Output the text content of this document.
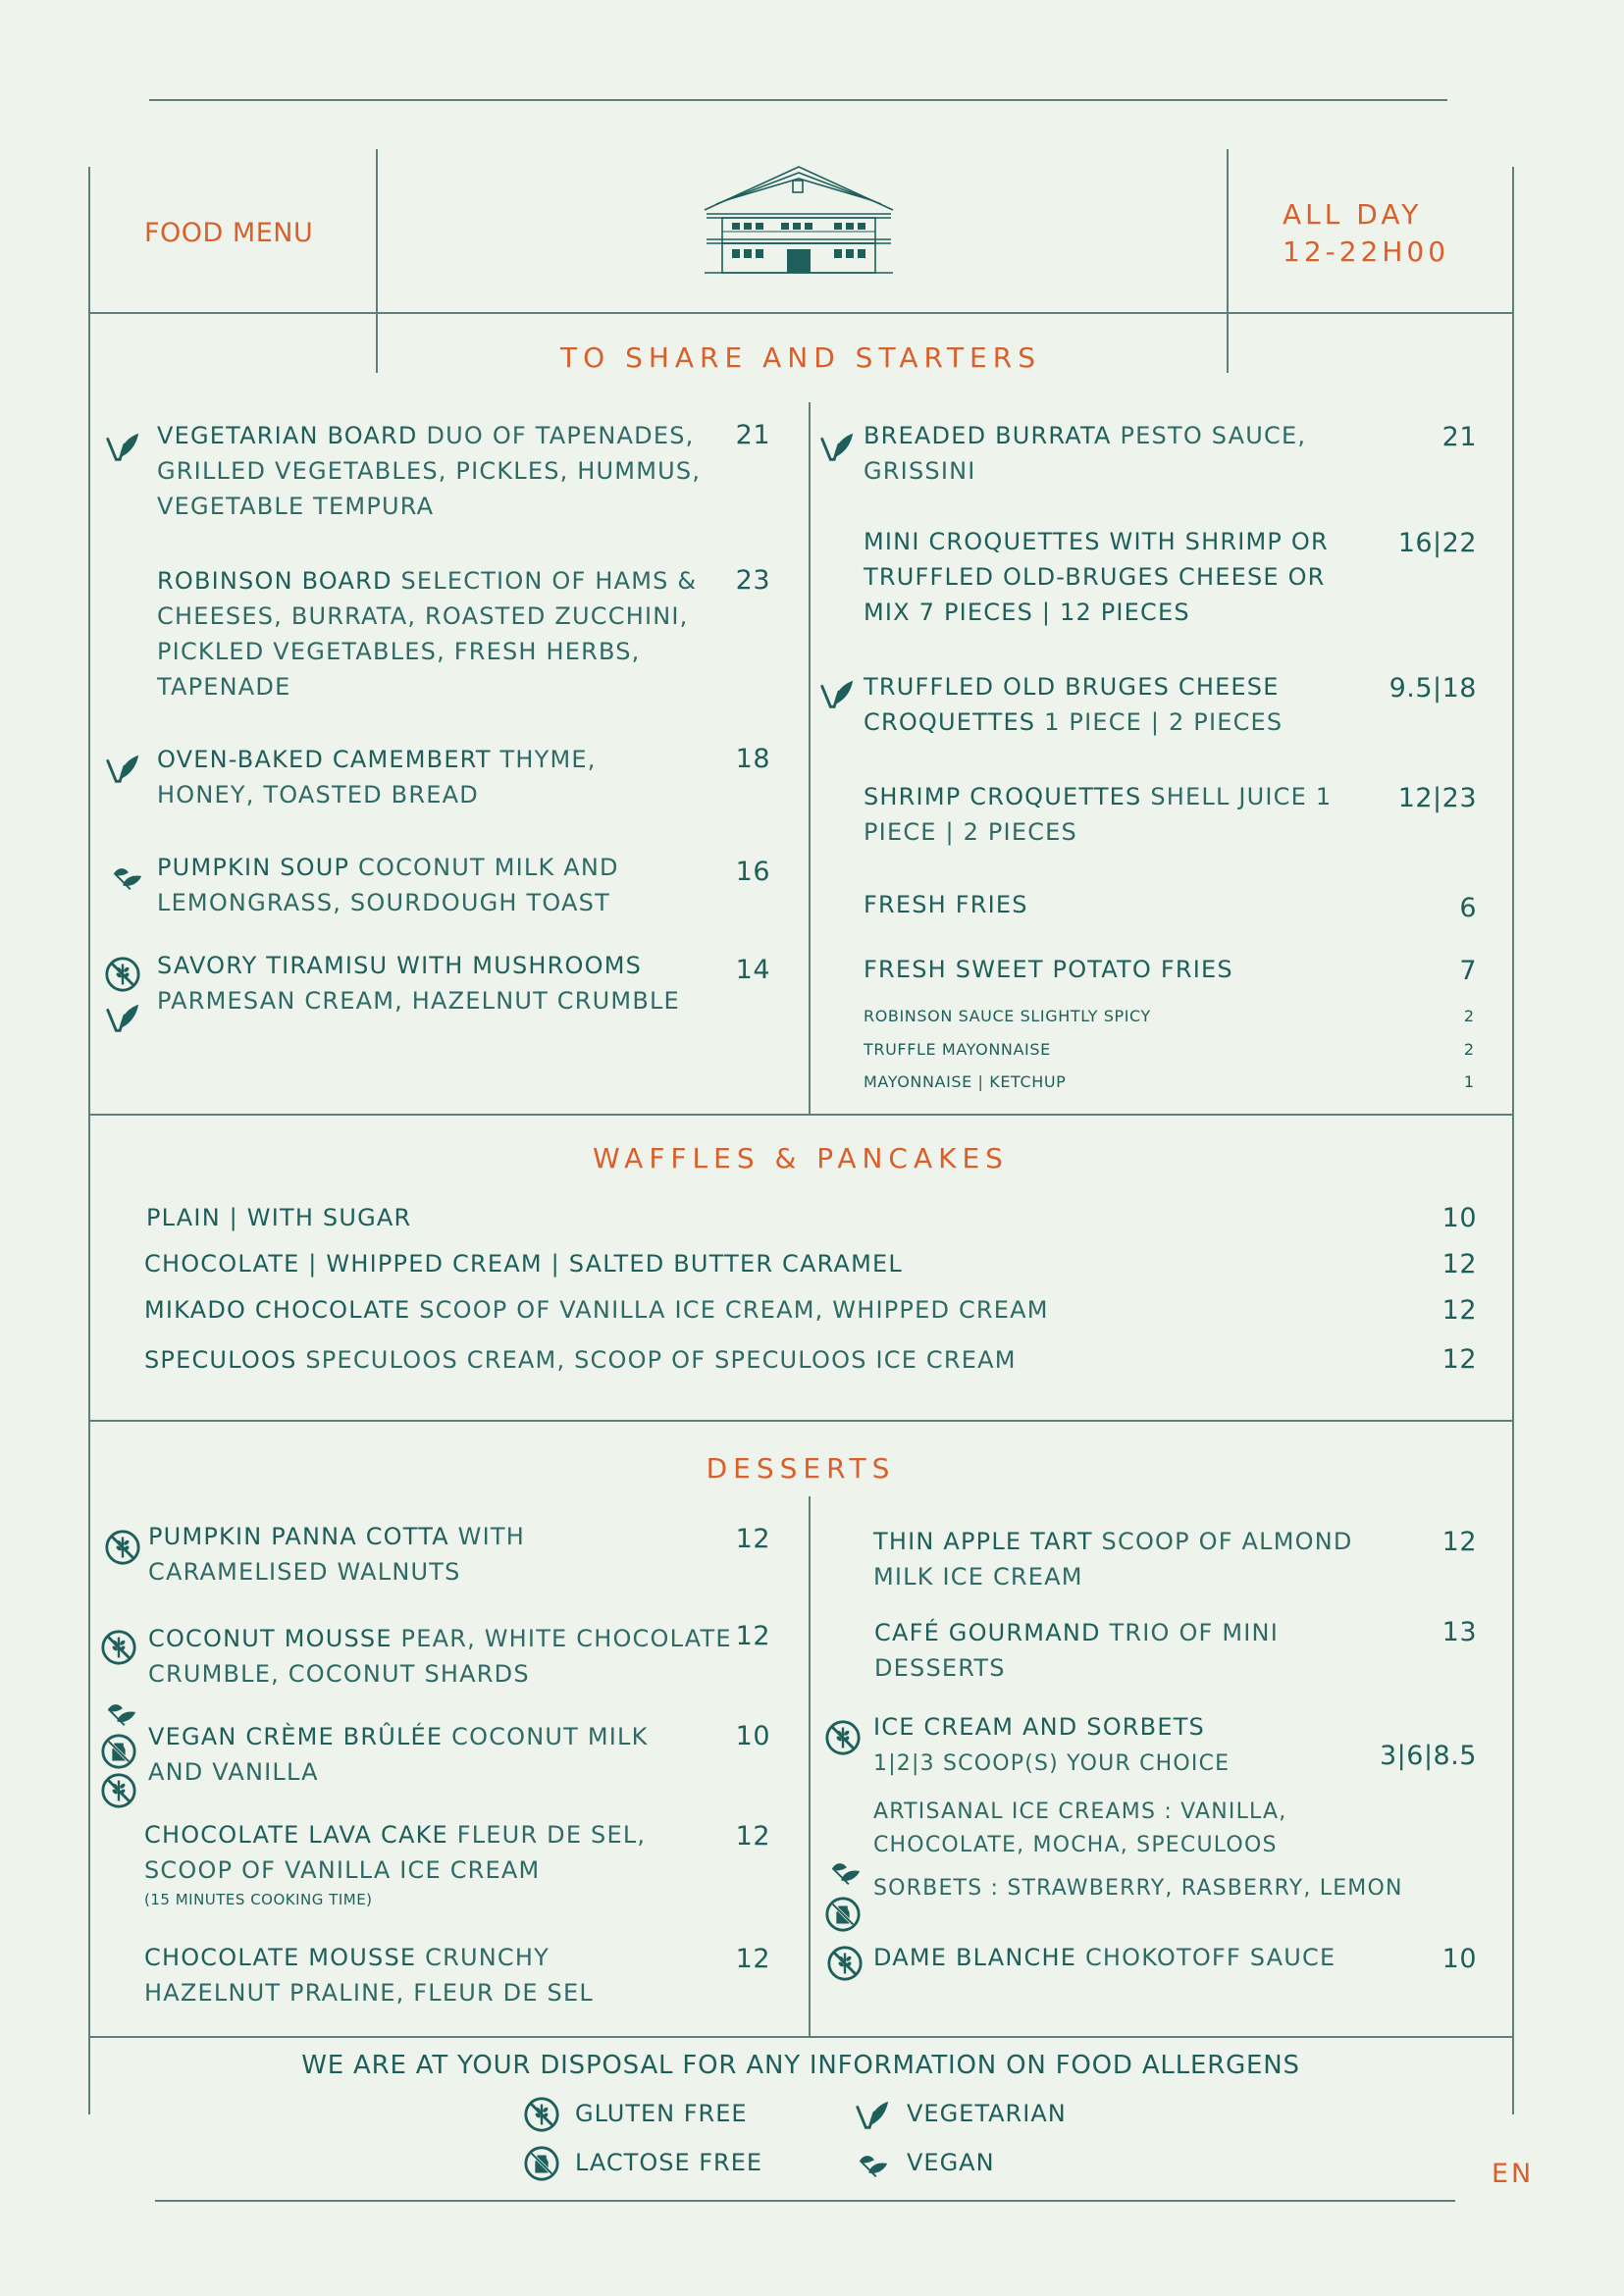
FOOD MENU
ALL DAY
12-22H00
TO SHARE AND STARTERS
VEGETARIAN BOARD DUO OF TAPENADES, GRILLED VEGETABLES, PICKLES, HUMMUS, VEGETABLE TEMPURA
21
ROBINSON BOARD SELECTION OF HAMS & CHEESES, BURRATA, ROASTED ZUCCHINI, PICKLED VEGETABLES, FRESH HERBS, TAPENADE
23
OVEN-BAKED CAMEMBERT THYME, HONEY, TOASTED BREAD
18
PUMPKIN SOUP COCONUT MILK AND LEMONGRASS, SOURDOUGH TOAST
16
SAVORY TIRAMISU WITH MUSHROOMS
PARMESAN CREAM, HAZELNUT CRUMBLE
14
BREADED BURRATA PESTO SAUCE, GRISSINI
21
MINI CROQUETTES WITH SHRIMP OR TRUFFLED OLD-BRUGES CHEESE OR MIX 7 PIECES | 12 PIECES
16|22
TRUFFLED OLD BRUGES CHEESE CROQUETTES 1 PIECE | 2 PIECES
9.5|18
SHRIMP CROQUETTES SHELL JUICE 1 PIECE | 2 PIECES
12|23
FRESH FRIES	6
FRESH SWEET POTATO FRIES	7
ROBINSON SAUCE SLIGHTLY SPICY	2
TRUFFLE MAYONNAISE	2
MAYONNAISE | KETCHUP	1
WAFFLES & PANCAKES
PLAIN | WITH SUGAR	10
CHOCOLATE | WHIPPED CREAM | SALTED BUTTER CARAMEL	12
MIKADO CHOCOLATE SCOOP OF VANILLA ICE CREAM, WHIPPED CREAM	12
SPECULOOS SPECULOOS CREAM, SCOOP OF SPECULOOS ICE CREAM	12
DESSERTS
PUMPKIN PANNA COTTA WITH CARAMELISED WALNUTS
12
COCONUT MOUSSE PEAR, WHITE CHOCOLATE CRUMBLE, COCONUT SHARDS
12
VEGAN CRÈME BRÛLÉE COCONUT MILK AND VANILLA
10
CHOCOLATE LAVA CAKE FLEUR DE SEL, SCOOP OF VANILLA ICE CREAM
(15 MINUTES COOKING TIME)
12
CHOCOLATE MOUSSE CRUNCHY HAZELNUT PRALINE, FLEUR DE SEL
12
THIN APPLE TART SCOOP OF ALMOND MILK ICE CREAM
12
CAFÉ GOURMAND TRIO OF MINI DESSERTS
13
ICE CREAM AND SORBETS
1|2|3 SCOOP(S) YOUR CHOICE	3|6|8.5
ARTISANAL ICE CREAMS : VANILLA, CHOCOLATE, MOCHA, SPECULOOS
SORBETS : STRAWBERRY, RASBERRY, LEMON
DAME BLANCHE CHOKOTOFF SAUCE	10
WE ARE AT YOUR DISPOSAL FOR ANY INFORMATION ON FOOD ALLERGENS
GLUTEN FREE	VEGETARIAN
LACTOSE FREE	VEGAN	EN
